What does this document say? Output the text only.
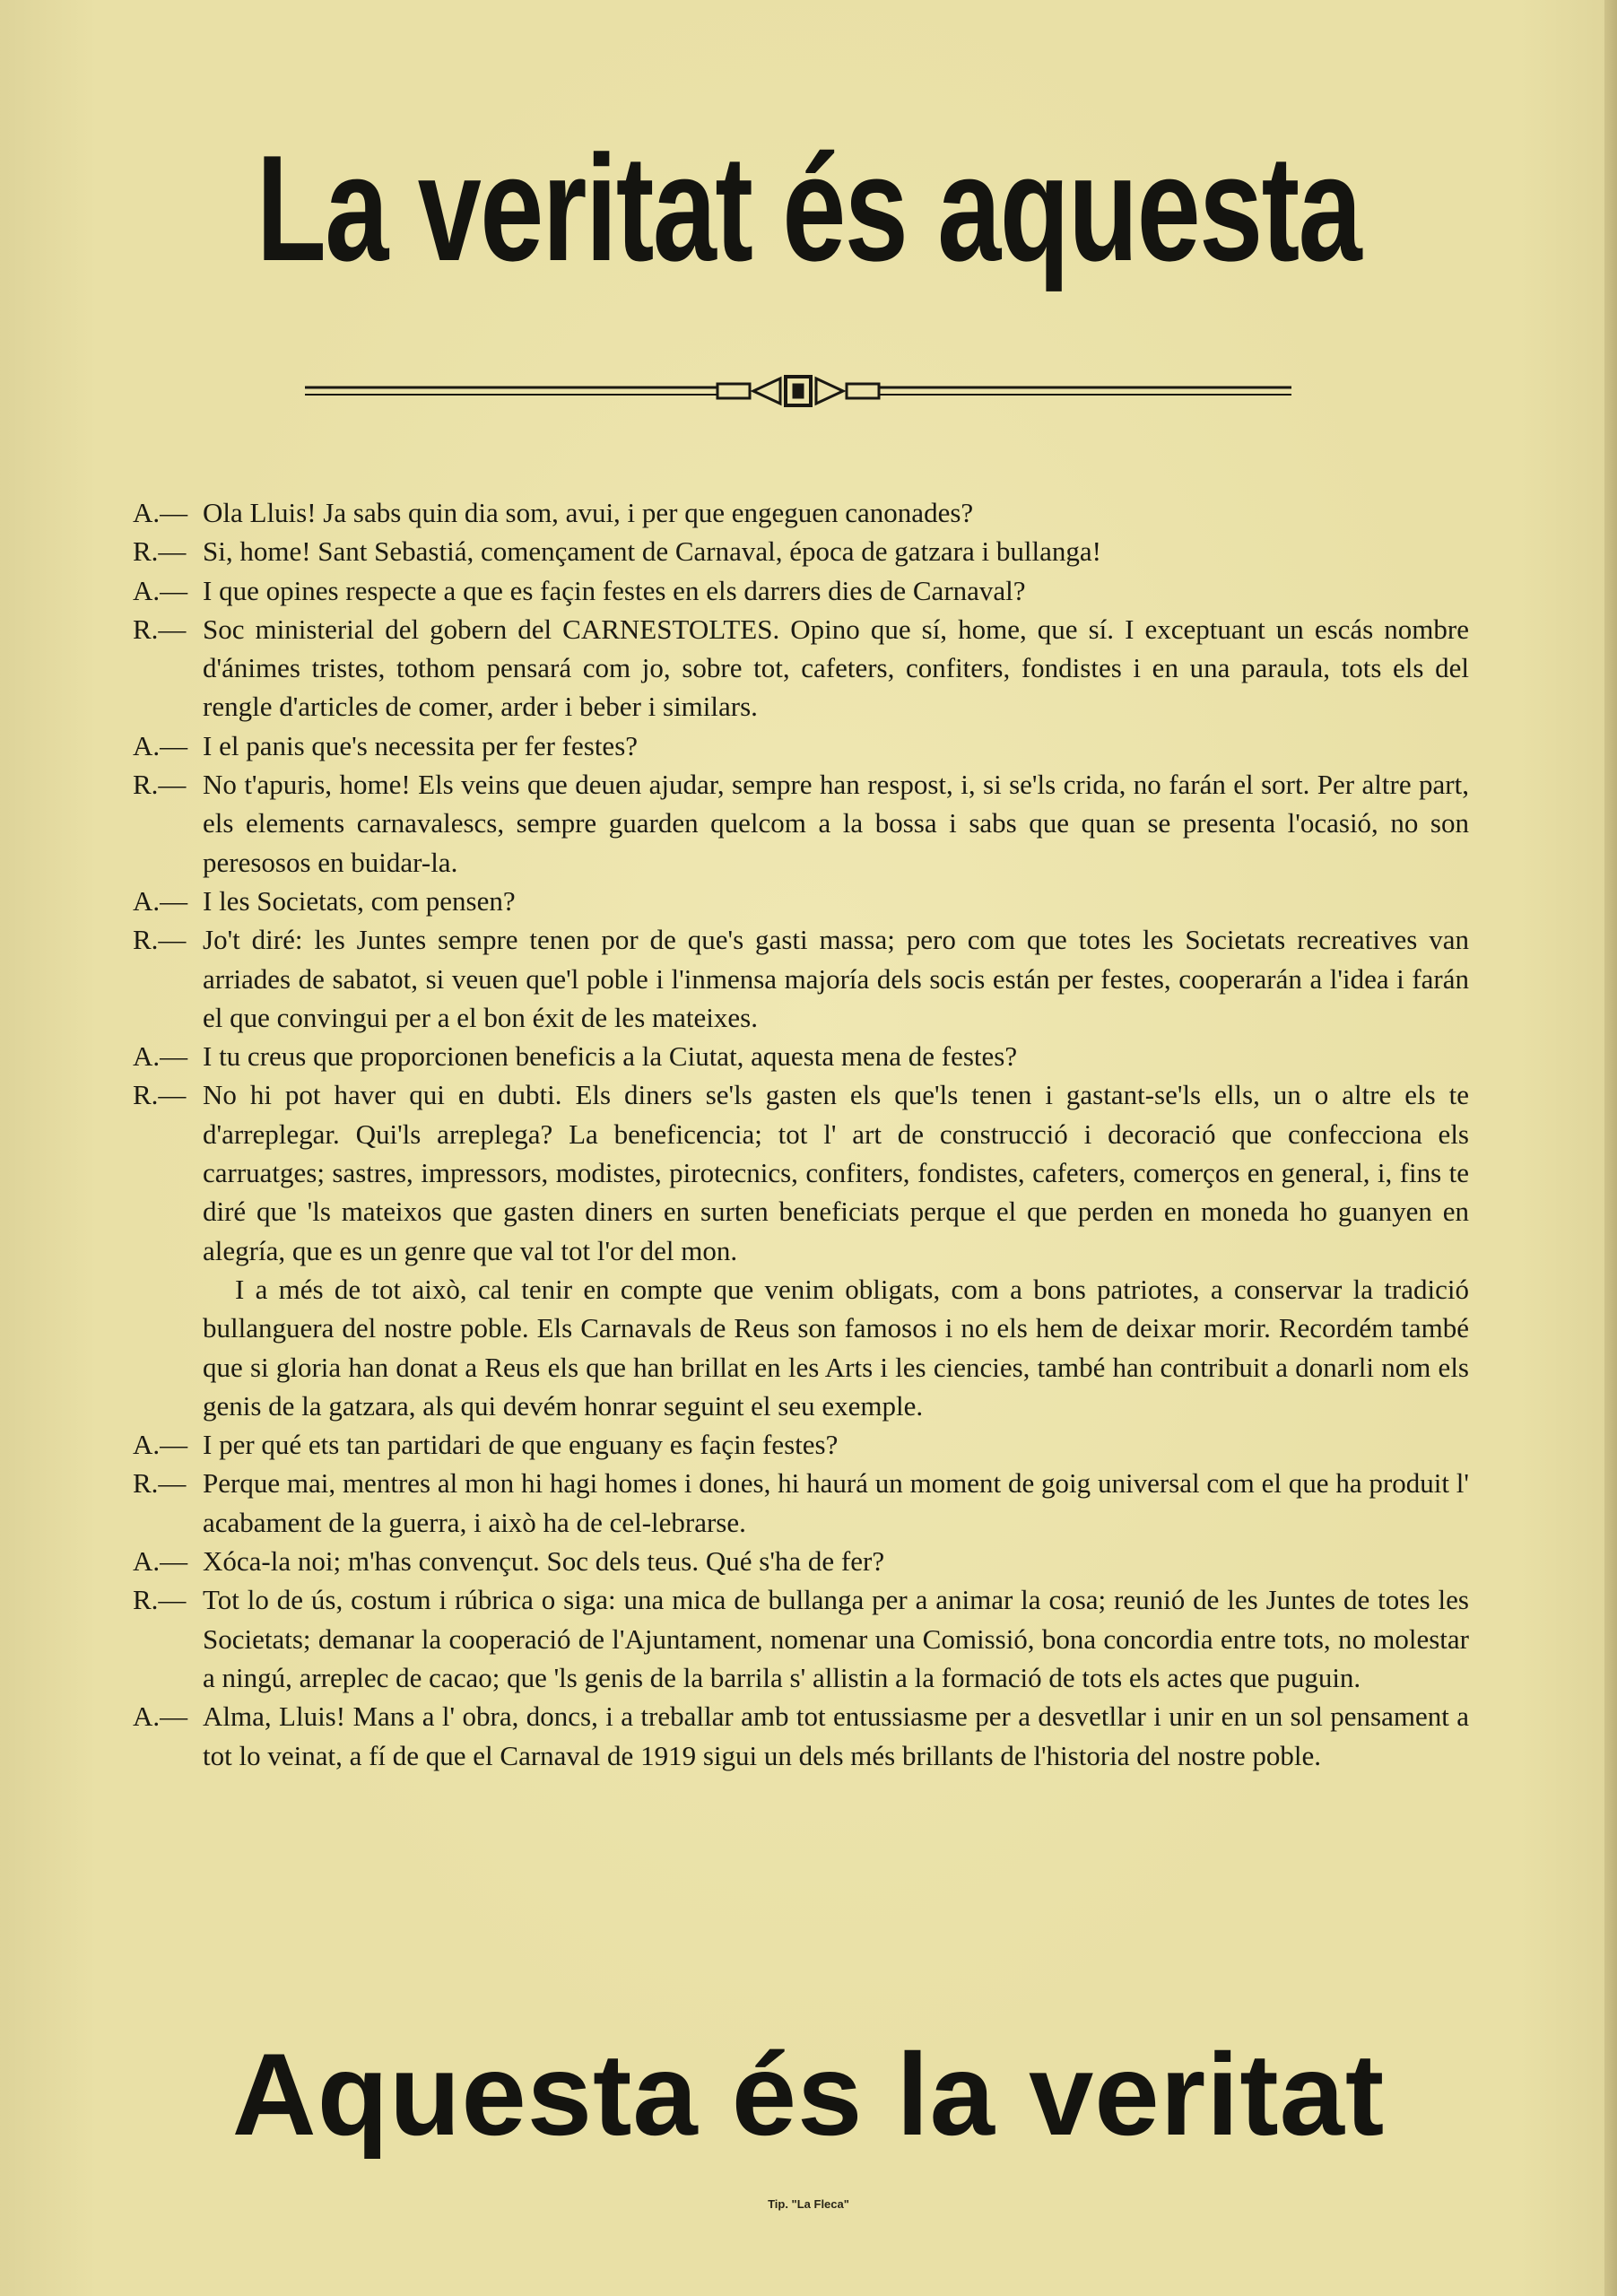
La veritat és aquesta
A.— Ola Lluis! Ja sabs quin dia som, avui, i per que engeguen canonades?
R.— Si, home! Sant Sebastiá, començament de Carnaval, época de gatzara i bullanga!
A.— I que opines respecte a que es façin festes en els darrers dies de Carnaval?
R.— Soc ministerial del gobern del CARNESTOLTES. Opino que sí, home, que sí. I exceptuant un escás nombre d'ánimes tristes, tothom pensará com jo, sobre tot, cafeters, confiters, fondistes i en una paraula, tots els del rengle d'articles de comer, arder i beber i similars.
A.— I el panis que's necessita per fer festes?
R.— No t'apuris, home! Els veins que deuen ajudar, sempre han respost, i, si se'ls crida, no farán el sort. Per altre part, els elements carnavalescs, sempre guarden quelcom a la bossa i sabs que quan se presenta l'ocasió, no son peresosos en buidar-la.
A.— I les Societats, com pensen?
R.— Jo't diré: les Juntes sempre tenen por de que's gasti massa; pero com que totes les Societats recreatives van arriades de sabatot, si veuen que'l poble i l'inmensa majoría dels socis están per festes, cooperarán a l'idea i farán el que convingui per a el bon éxit de les mateixes.
A.— I tu creus que proporcionen beneficis a la Ciutat, aquesta mena de festes?
R.— No hi pot haver qui en dubti. Els diners se'ls gasten els que'ls tenen i gastant-se'ls ells, un o altre els te d'arreplegar. Qui'ls arreplega? La beneficencia; tot l' art de construcció i decoració que confecciona els carruatges; sastres, impressors, modistes, pirotecnics, confiters, fondistes, cafeters, comerços en general, i, fins te diré que 'ls mateixos que gasten diners en surten beneficiats perque el que perden en moneda ho guanyen en alegría, que es un genre que val tot l'or del mon.
I a més de tot això, cal tenir en compte que venim obligats, com a bons patriotes, a conservar la tradició bullanguera del nostre poble. Els Carnavals de Reus son famosos i no els hem de deixar morir. Recordém també que si gloria han donat a Reus els que han brillat en les Arts i les ciencies, també han contribuit a donarli nom els genis de la gatzara, als qui devém honrar seguint el seu exemple.
A.— I per qué ets tan partidari de que enguany es façin festes?
R.— Perque mai, mentres al mon hi hagi homes i dones, hi haurá un moment de goig universal com el que ha produit l' acabament de la guerra, i això ha de cel-lebrarse.
A.— Xóca-la noi; m'has convençut. Soc dels teus. Qué s'ha de fer?
R.— Tot lo de ús, costum i rúbrica o siga: una mica de bullanga per a animar la cosa; reunió de les Juntes de totes les Societats; demanar la cooperació de l'Ajuntament, nomenar una Comissió, bona concordia entre tots, no molestar a ningú, arreplec de cacao; que 'ls genis de la barrila s' allistin a la formació de tots els actes que puguin.
A.— Alma, Lluis! Mans a l' obra, doncs, i a treballar amb tot entussiasme per a desvetllar i unir en un sol pensament a tot lo veinat, a fí de que el Carnaval de 1919 sigui un dels més brillants de l'historia del nostre poble.
Aquesta és la veritat
Tip. "La Fleca"
